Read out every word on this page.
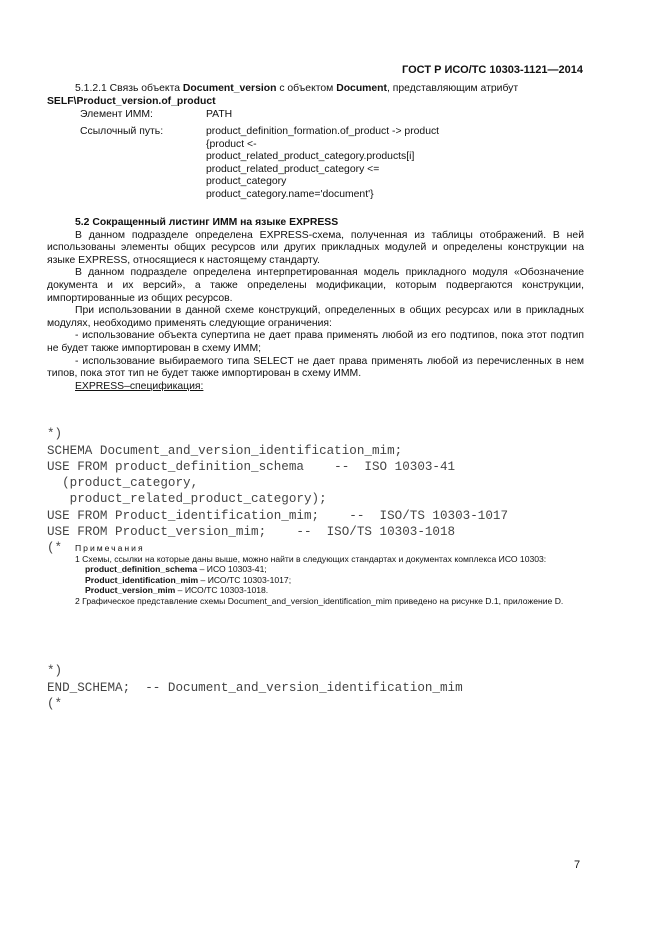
ГОСТ Р ИСО/ТС 10303-1121—2014
5.1.2.1 Связь объекта Document_version с объектом Document, представляющим атрибут
SELF\Product_version.of_product
Элемент ИММ:	PATH
Ссылочный путь:	product_definition_formation.of_product -> product
{product <-
product_related_product_category.products[i]
product_related_product_category <=
product_category
product_category.name='document'}
5.2 Сокращенный листинг ИММ на языке EXPRESS
В данном подразделе определена EXPRESS-схема, полученная из таблицы отображений. В ней использованы элементы общих ресурсов или других прикладных модулей и определены конструкции на языке EXPRESS, относящиеся к настоящему стандарту.
В данном подразделе определена интерпретированная модель прикладного модуля «Обозначение документа и их версий», а также определены модификации, которым подвергаются конструкции, импортированные из общих ресурсов.
При использовании в данной схеме конструкций, определенных в общих ресурсах или в прикладных модулях, необходимо применять следующие ограничения:
- использование объекта супертипа не дает права применять любой из его подтипов, пока этот подтип не будет также импортирован в схему ИММ;
- использование выбираемого типа SELECT не дает права применять любой из перечисленных в нем типов, пока этот тип не будет также импортирован в схему ИММ.
EXPRESS–спецификация:

*)
SCHEMA Document_and_version_identification_mim;
USE FROM product_definition_schema    --  ISO 10303-41
(product_category,
product_related_product_category);
USE FROM Product_identification_mim;    --  ISO/TS 10303-1017
USE FROM Product_version_mim;    --  ISO/TS 10303-1018
(*

	Примечания
1 Схемы, ссылки на которые даны выше, можно найти в следующих стандартах и документах комплекса ИСО 10303:
product_definition_schema – ИСО 10303-41;
Product_identification_mim – ИСО/ТС 10303-1017;
Product_version_mim – ИСО/ТС 10303-1018.
2 Графическое представление схемы Document_and_version_identification_mim приведено на рисунке D.1, приложение D.

*)
END_SCHEMA;  -- Document_and_version_identification_mim
(*

7
